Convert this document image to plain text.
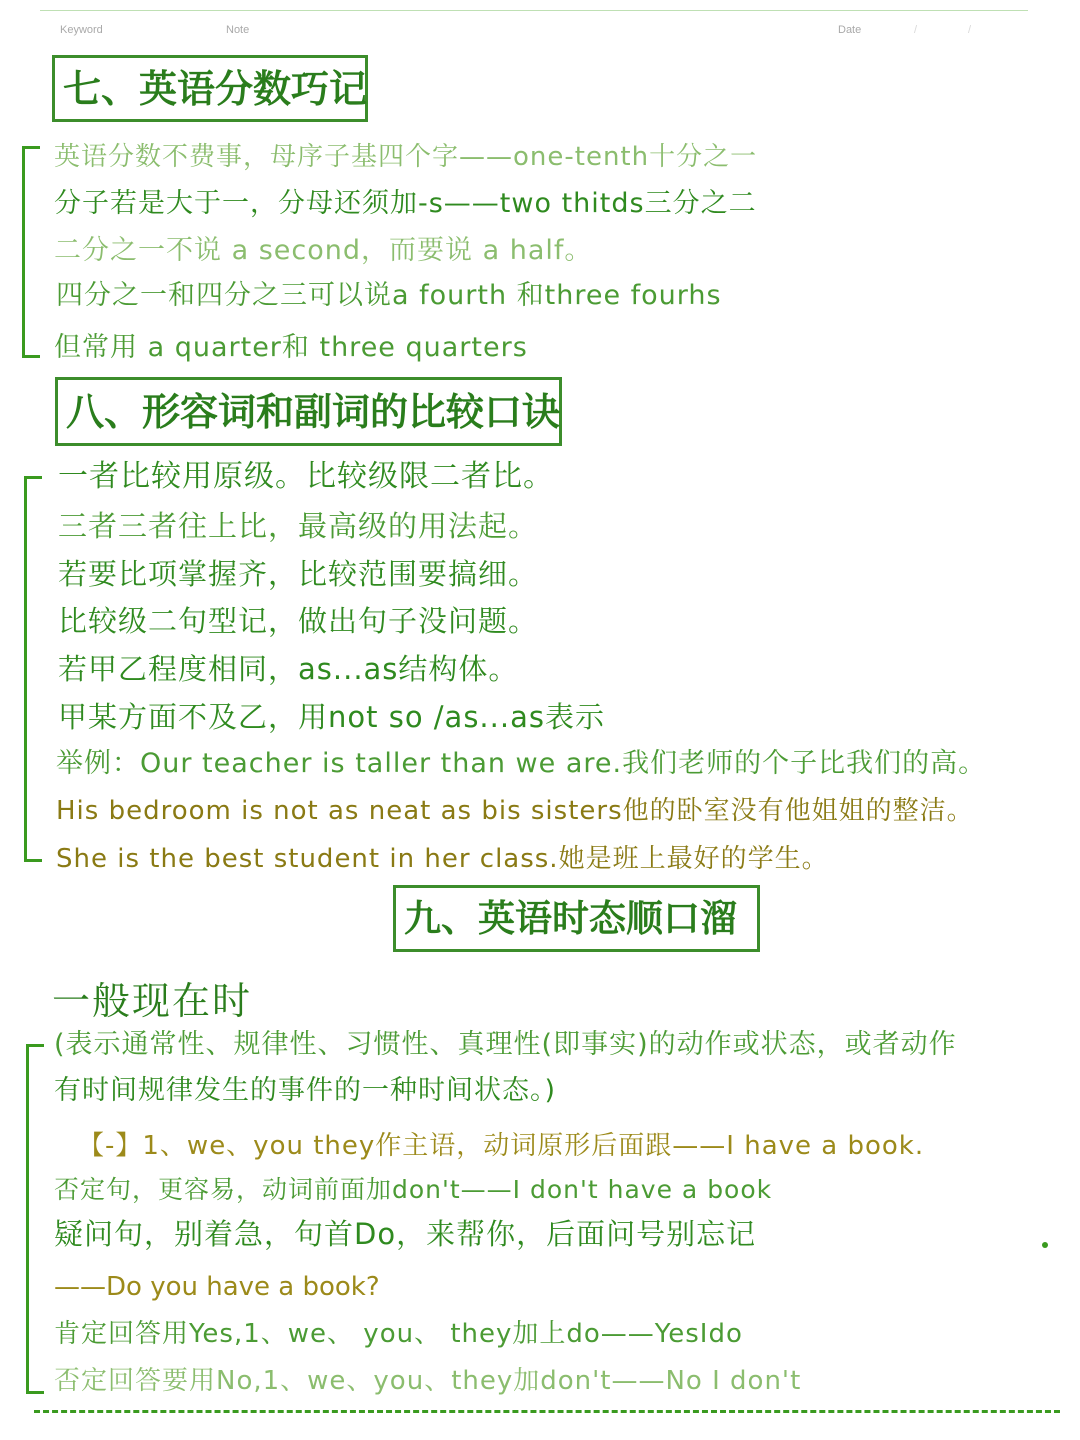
Keyword	Note	Date	/	/
七、英语分数巧记
英语分数不费事，母序子基四个字——one-tenth十分之一
分子若是大于一，分母还须加-s——two thitds三分之二
二分之一不说 a second，而要说 a half。
四分之一和四分之三可以说a fourth 和three fourhs
但常用 a quarter和 three quarters
八、形容词和副词的比较口诀
一者比较用原级。比较级限二者比。
三者三者往上比，最高级的用法起。
若要比项掌握齐，比较范围要搞细。
比较级二句型记，做出句子没问题。
若甲乙程度相同，as...as结构体。
甲某方面不及乙，用not so /as...as表示
举例：Our teacher is taller than we are.我们老师的个子比我们的高。
His bedroom is not as neat as bis sisters他的卧室没有他姐姐的整洁。
She is the best student in her class.她是班上最好的学生。
九、英语时态顺口溜
一般现在时
(表示通常性、规律性、习惯性、真理性(即事实)的动作或状态，或者动作
有时间规律发生的事件的一种时间状态。)
【-】1、we、you they作主语，动词原形后面跟——I have a book.
否定句，更容易，动词前面加don't——I don't have a book
疑问句，别着急，句首Do，来帮你，后面问号别忘记
——Do you have a book?
肯定回答用Yes,1、we、 you、 they加上do——YesIdo
否定回答要用No,1、we、you、they加don't——No I don't
